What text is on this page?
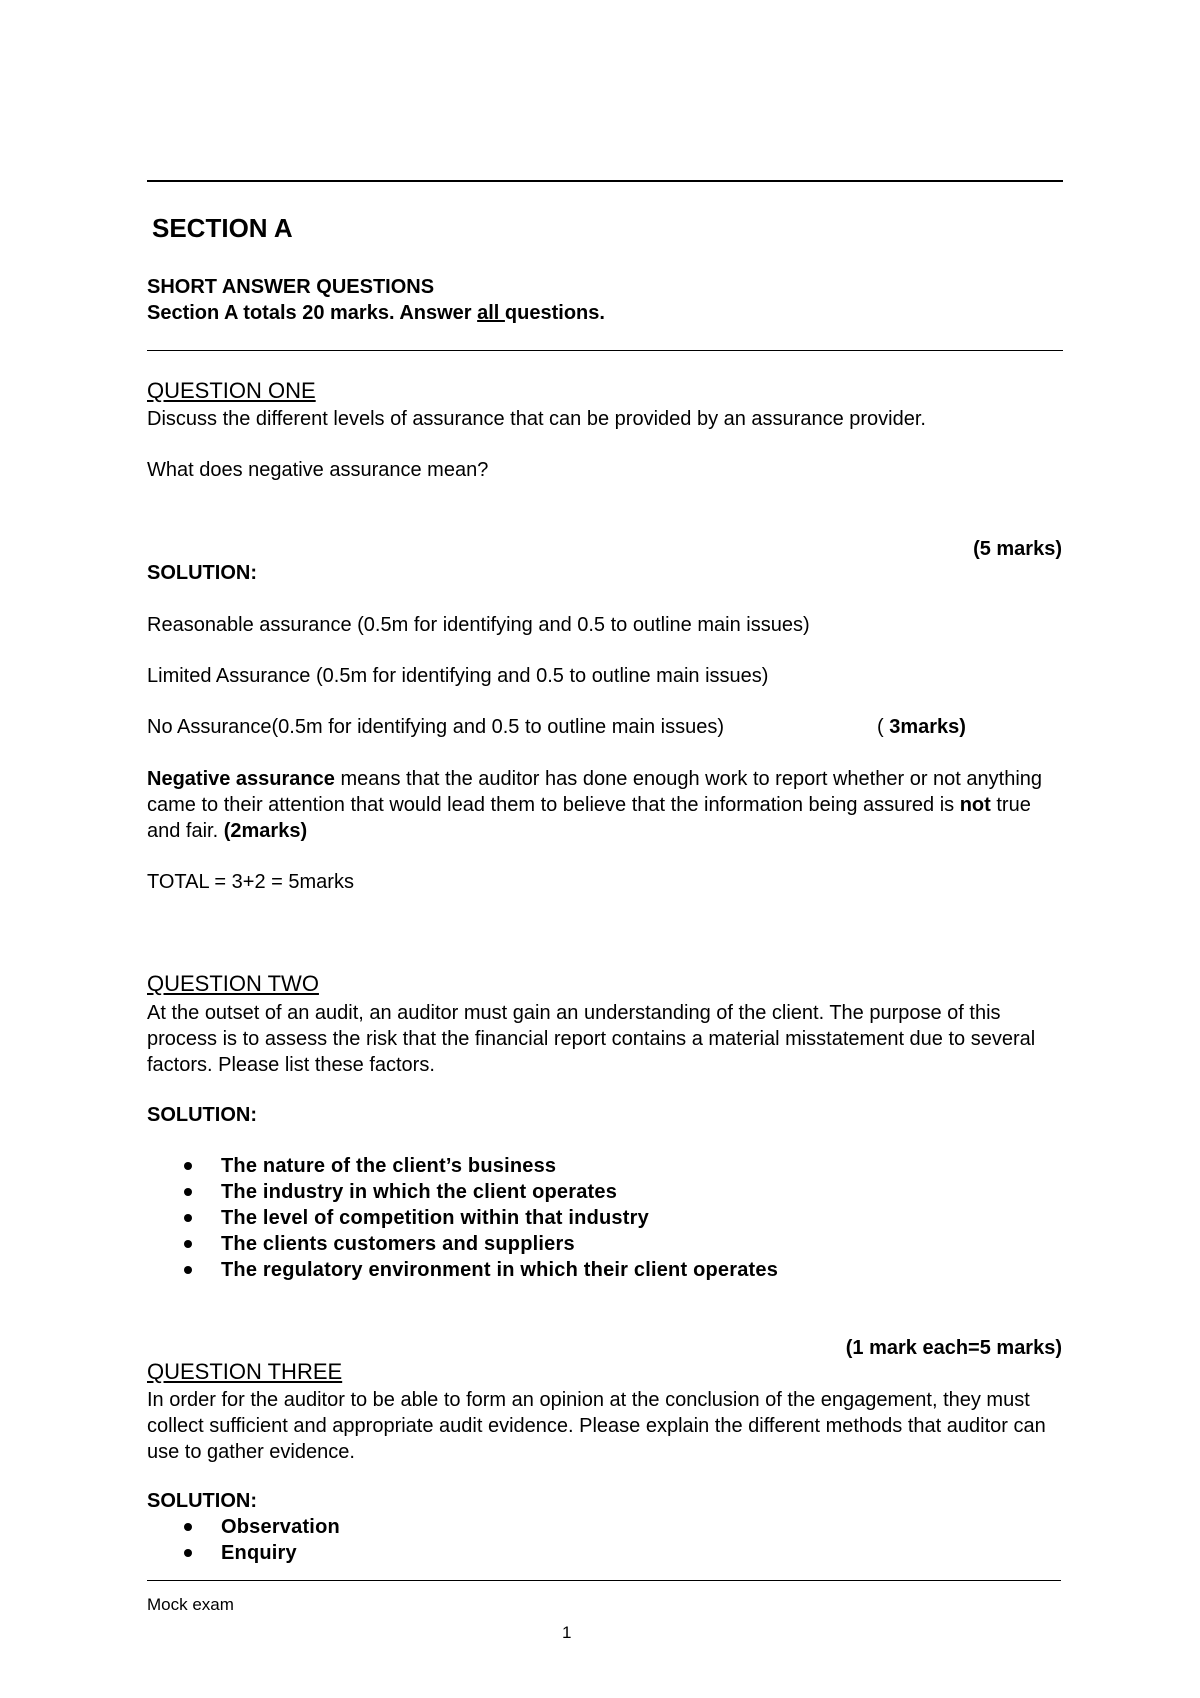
SECTION A
SHORT ANSWER QUESTIONS
Section A totals 20 marks. Answer all questions.
QUESTION ONE
Discuss the different levels of assurance that can be provided by an assurance provider.
What does negative assurance mean?
(5 marks)
SOLUTION:
Reasonable assurance (0.5m for identifying and 0.5 to outline main issues)
Limited Assurance (0.5m for identifying and 0.5 to outline main issues)
No Assurance(0.5m for identifying and 0.5 to outline main issues)	( 3marks)
Negative assurance means that the auditor has done enough work to report whether or not anything came to their attention that would lead them to believe that the information being assured is not true and fair. (2marks)
TOTAL = 3+2 = 5marks
QUESTION TWO
At the outset of an audit, an auditor must gain an understanding of the client. The purpose of this process is to assess the risk that the financial report contains a material misstatement due to several factors. Please list these factors.
SOLUTION:
The nature of the client’s business
The industry in which the client operates
The level of competition within that industry
The clients customers and suppliers
The regulatory environment in which their client operates
(1 mark each=5 marks)
QUESTION THREE
In order for the auditor to be able to form an opinion at the conclusion of the engagement, they must collect sufficient and appropriate audit evidence. Please explain the different methods that auditor can use to gather evidence.
SOLUTION:
Observation
Enquiry
Mock exam
1
